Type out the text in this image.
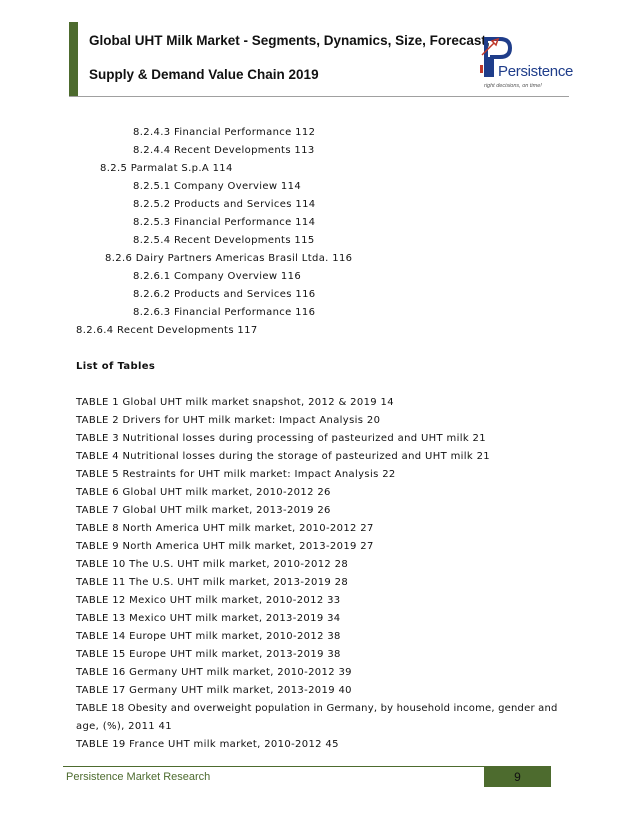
Global UHT Milk Market - Segments, Dynamics, Size, Forecast,
Supply & Demand Value Chain 2019	Persistence
right decisions, on time!
8.2.4.3 Financial Performance 112
8.2.4.4 Recent Developments 113
8.2.5 Parmalat S.p.A 114
8.2.5.1 Company Overview 114
8.2.5.2 Products and Services 114
8.2.5.3 Financial Performance 114
8.2.5.4 Recent Developments 115
8.2.6 Dairy Partners Americas Brasil Ltda. 116
8.2.6.1 Company Overview 116
8.2.6.2 Products and Services 116
8.2.6.3 Financial Performance 116
8.2.6.4 Recent Developments 117
List of Tables
TABLE 1 Global UHT milk market snapshot, 2012 & 2019 14
TABLE 2 Drivers for UHT milk market: Impact Analysis 20
TABLE 3 Nutritional losses during processing of pasteurized and UHT milk 21
TABLE 4 Nutritional losses during the storage of pasteurized and UHT milk 21
TABLE 5 Restraints for UHT milk market: Impact Analysis 22
TABLE 6 Global UHT milk market, 2010-2012 26
TABLE 7 Global UHT milk market, 2013-2019 26
TABLE 8 North America UHT milk market, 2010-2012 27
TABLE 9 North America UHT milk market, 2013-2019 27
TABLE 10 The U.S. UHT milk market, 2010-2012 28
TABLE 11 The U.S. UHT milk market, 2013-2019 28
TABLE 12 Mexico UHT milk market, 2010-2012 33
TABLE 13 Mexico UHT milk market, 2013-2019 34
TABLE 14 Europe UHT milk market, 2010-2012 38
TABLE 15 Europe UHT milk market, 2013-2019 38
TABLE 16 Germany UHT milk market, 2010-2012 39
TABLE 17 Germany UHT milk market, 2013-2019 40
TABLE 18 Obesity and overweight population in Germany, by household income, gender and
age, (%), 2011 41
TABLE 19 France UHT milk market, 2010-2012 45
Persistence Market Research	9
